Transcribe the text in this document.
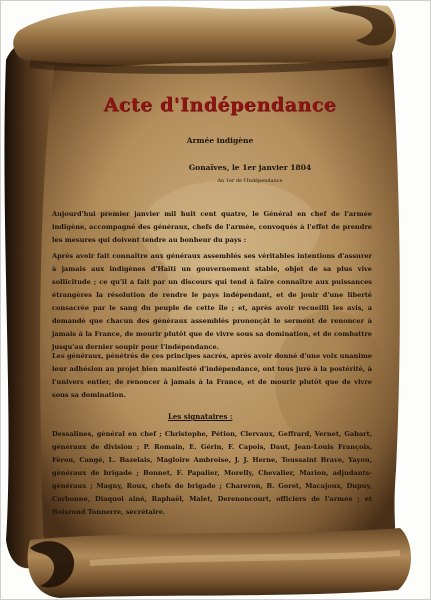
Acte d'Indépendance
Armée indigène
Gonaïves, le 1er janvier 1804
An 1er de l'Indépendance

Aujourd'hui premier janvier mil huit cent quatre, le Général en chef de l'armée indigène, accompagné des généraux, chefs de l'armée, convoqués à l'effet de prendre les mesures qui doivent tendre au bonheur du pays :

Après avoir fait connaître aux généraux assemblés ses véritables intentions d'assurer à jamais aux indigènes d'Haïti un gouvernement stable, objet de sa plus vive sollicitude ; ce qu'il a fait par un discours qui tend à faire connaître aux puissances étrangères la résolution de rendre le pays indépendant, et de jouir d'une liberté consacrée par le sang du peuple de cette île ; et, après avoir recueilli les avis, a demandé que chacun des généraux assemblés prononçât le serment de renoncer à jamais à la France, de mourir plutôt que de vivre sous sa domination, et de combattre jusqu'au dernier soupir pour l'indépendance.

Les généraux, pénétrés de ces principes sacrés, après avoir donné d'une voix unanime leur adhésion au projet bien manifesté d'indépendance, ont tous juré à la postérité, à l'univers entier, de renoncer à jamais à la France, et de mourir plutôt que de vivre sous sa domination.

Les signataires :

Dessalines, général en chef ; Christophe, Pétion, Clervaux, Geffrard, Vernet, Gabart, généraux de division ; P. Romain, E. Gérin, F. Capois, Daut, Jean-Louis François, Férou, Cangé, L. Bazelais, Magloire Ambroise, J. J. Herne, Toussaint Brave, Yayou, généraux de brigade ; Bonnet, F. Papalier, Morelly, Chevalier, Marion, adjudants-généraux ; Magny, Roux, chefs de brigade ; Chareron, B. Goret, Macajoux, Dupuy, Carbonne, Diaquoi aîné, Raphaël, Malet, Derenoncourt, officiers de l'armée ; et Boisrond Tonnerre, secrétaire.
